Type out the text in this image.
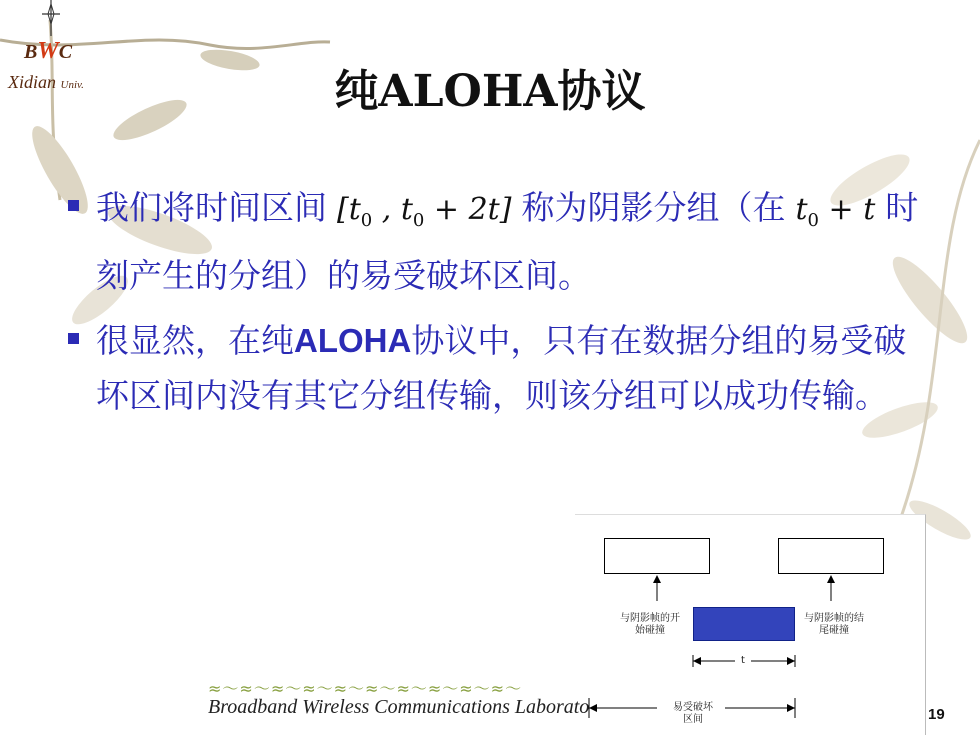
BWC
Xidian Univ.	纯ALOHA协议
我们将时间区间 [$t_0$ , $t_0 + 2t$] 称为阴影分组（在 $t_0 + t$ 时刻产生的分组）的易受破坏区间。
很显然，在纯ALOHA协议中，只有在数据分组的易受破坏区间内没有其它分组传输，则该分组可以成功传输。
与阴影帧的开
始碰撞
与阴影帧的结
尾碰撞
t
易受破坏
区间
≈～≈～≈～≈～≈～≈～≈～≈～≈～≈～
Broadband Wireless Communications Laborato	19
